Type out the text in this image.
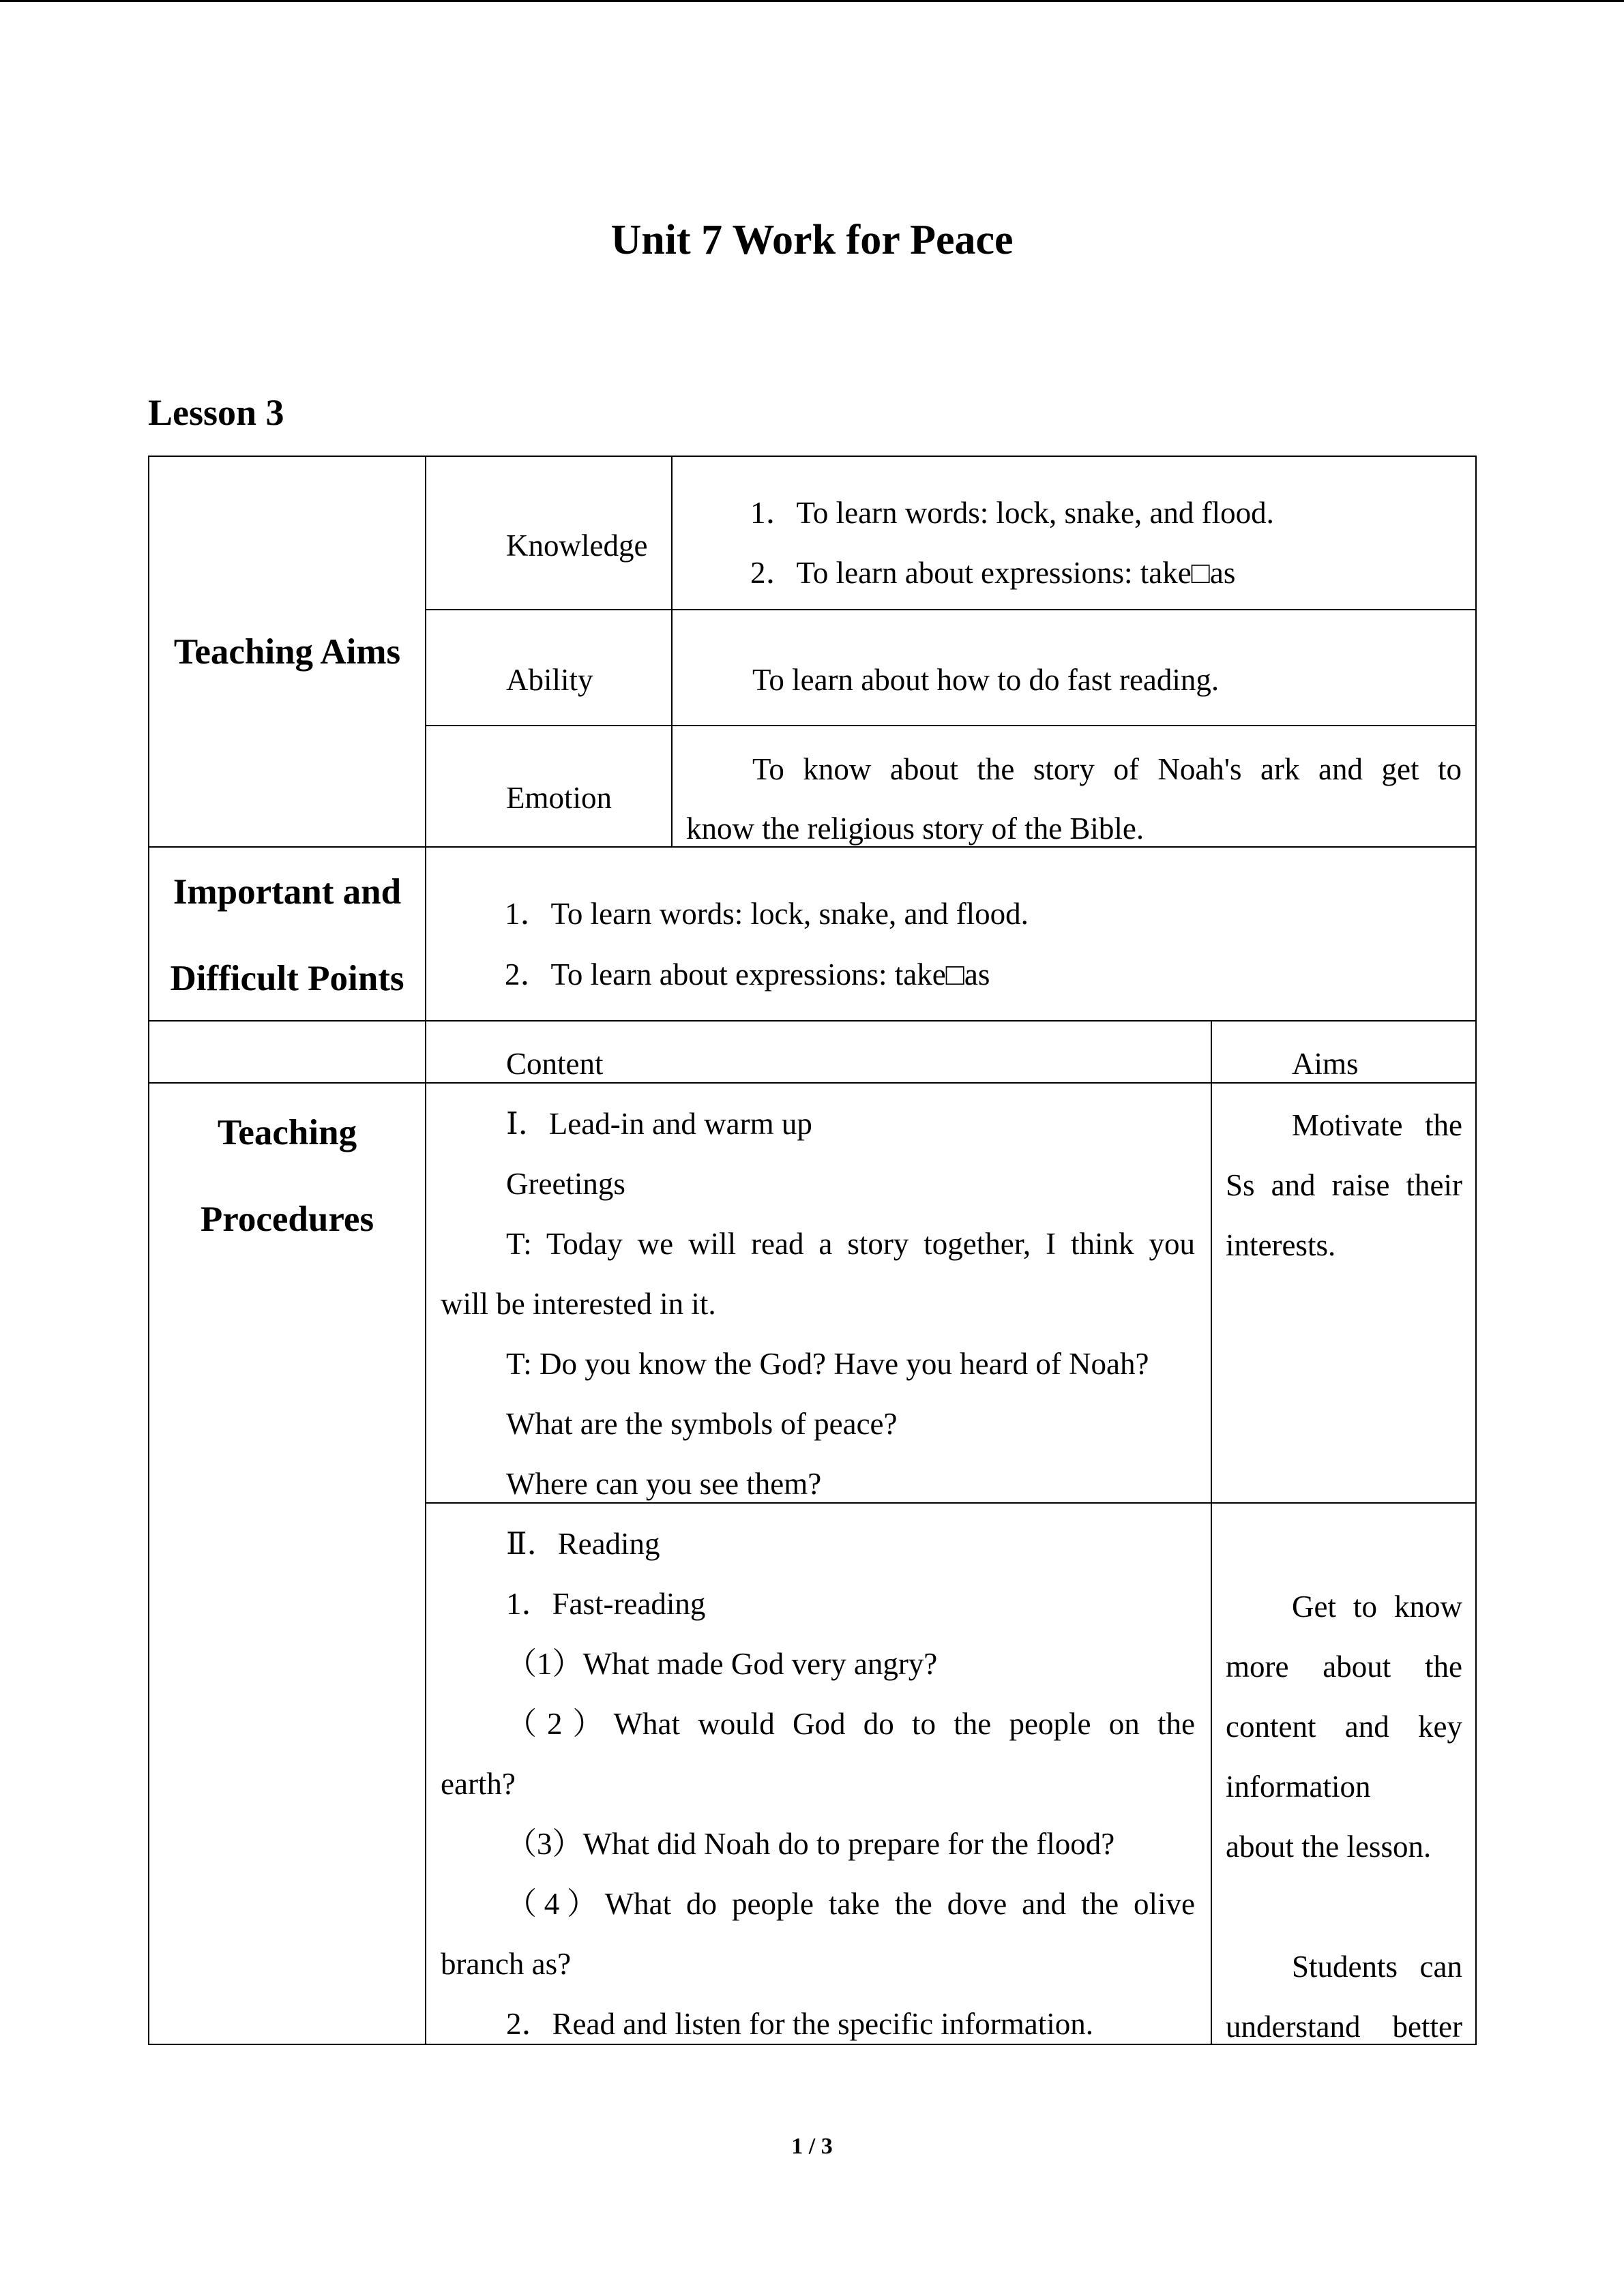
Unit 7 Work for Peace
Lesson 3
Teaching Aims
Knowledge
1．To learn words: lock, snake, and flood.
2．To learn about expressions: take□as
Ability	To learn about how to do fast reading.
Emotion
To know about the story of Noah's ark and get to
know the religious story of the Bible.
Important and
Difficult Points
1．To learn words: lock, snake, and flood.
2．To learn about expressions: take□as
Content	Aims
Teaching
Procedures
Ⅰ．Lead-in and warm up
Greetings
T: Today we will read a story together, I think you
will be interested in it.
T: Do you know the God? Have you heard of Noah?
What are the symbols of peace?
Where can you see them?
Motivate the
Ss and raise their
interests.
Ⅱ．Reading
1．Fast-reading
（1）What made God very angry?
（2）What would God do to the people on the
earth?
（3）What did Noah do to prepare for the flood?
（4）What do people take the dove and the olive
branch as?
2．Read and listen for the specific information.
Get to know
more about the
content and key
information
about the lesson.
Students can
understand better
1 / 3
